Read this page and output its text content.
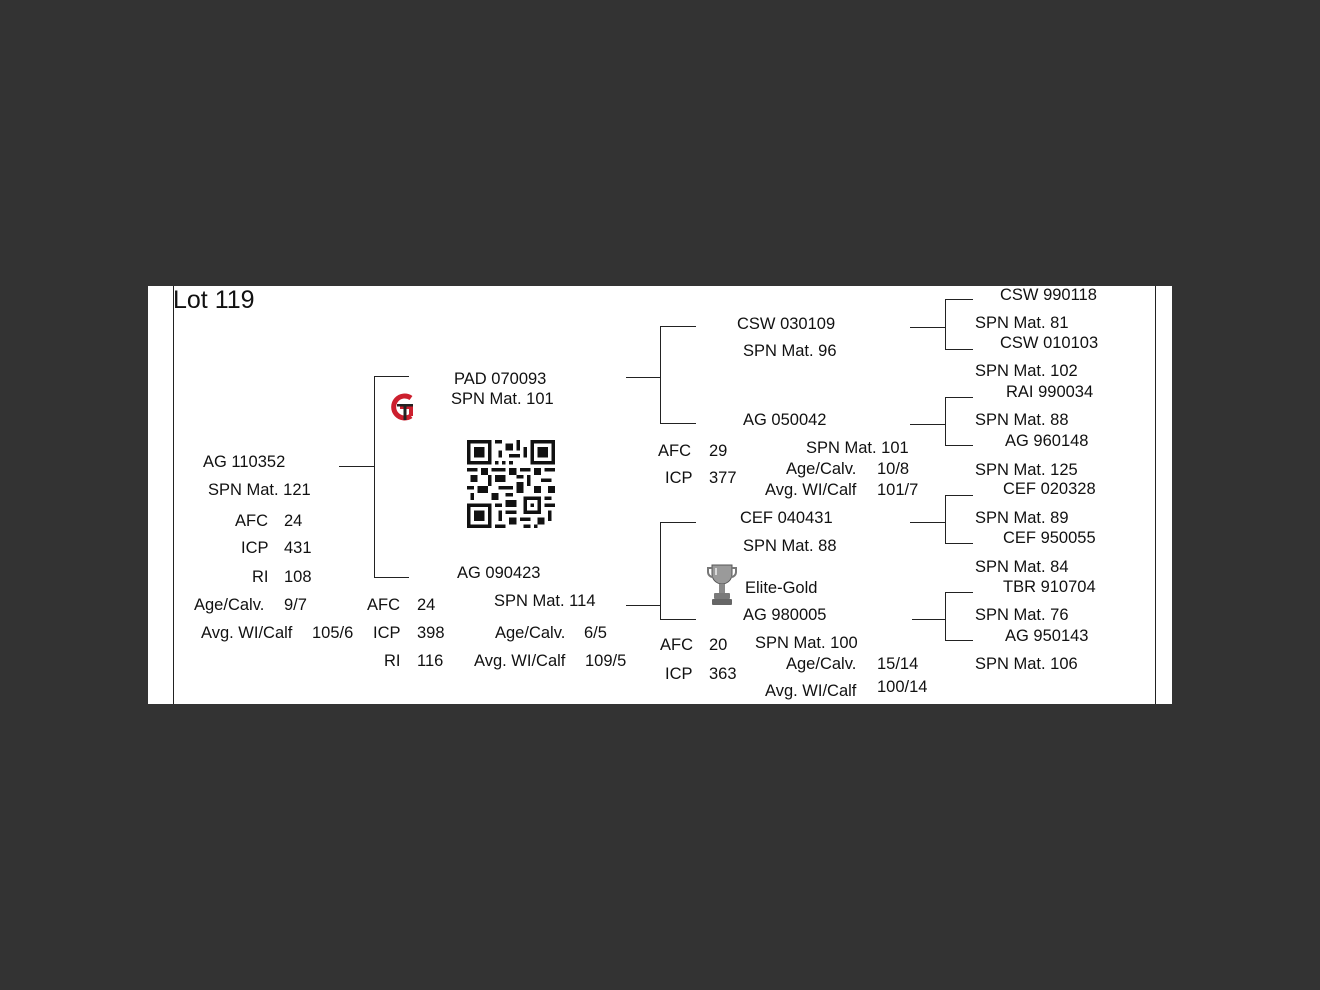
Lot 119
AG 110352
SPN Mat. 121
AFC 24
ICP 431
RI 108
Age/Calv. 9/7
Avg. WI/Calf 105/6
PAD 070093
SPN Mat. 101
AG 090423
SPN Mat. 114
AFC 24
ICP 398
RI 116
Age/Calv. 6/5
Avg. WI/Calf 109/5
CSW 030109
SPN Mat. 96
AG 050042
SPN Mat. 101
AFC 29
ICP 377	Age/Calv. 10/8
Avg. WI/Calf 101/7
CEF 040431
SPN Mat. 88
Elite-Gold
AG 980005
SPN Mat. 100
AFC 20
ICP 363
Age/Calv. 15/14
Avg. WI/Calf 100/14
CSW 990118
SPN Mat. 81
CSW 010103
SPN Mat. 102
RAI 990034
SPN Mat. 88
AG 960148
SPN Mat. 125
CEF 020328
SPN Mat. 89
CEF 950055
SPN Mat. 84
TBR 910704
SPN Mat. 76
AG 950143
SPN Mat. 106
